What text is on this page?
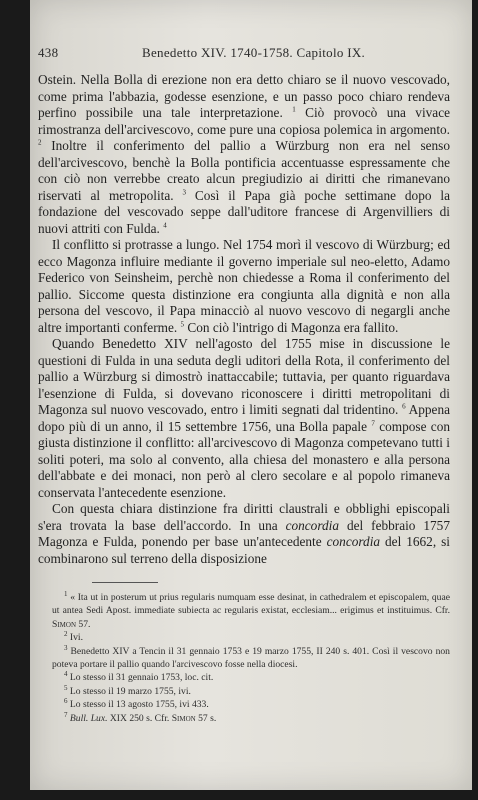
438	Benedetto XIV. 1740-1758. Capitolo IX.

Ostein. Nella Bolla di erezione non era detto chiaro se il nuovo vescovado, come prima l'abbazia, godesse esenzione, e un passo poco chiaro rendeva perfino possibile una tale interpretazione. $^1$ Ciò provocò una vivace rimostranza dell'arcivescovo, come pure una copiosa polemica in argomento. $^2$ Inoltre il conferimento del pallio a Würzburg non era nel senso dell'arcivescovo, benchè la Bolla pontificia accentuasse espressamente che con ciò non verrebbe creato alcun pregiudizio ai diritti che rimanevano riservati al metropolita. $^3$ Così il Papa già poche settimane dopo la fondazione del vescovado seppe dall'uditore francese di Argenvilliers di nuovi attriti con Fulda. $^4$

Il conflitto si protrasse a lungo. Nel 1754 morì il vescovo di Würzburg; ed ecco Magonza influire mediante il governo imperiale sul neo-eletto, Adamo Federico von Seinsheim, perchè non chiedesse a Roma il conferimento del pallio. Siccome questa distinzione era congiunta alla dignità e non alla persona del vescovo, il Papa minacciò al nuovo vescovo di negargli anche altre importanti conferme. $^5$ Con ciò l'intrigo di Magonza era fallito.

Quando Benedetto XIV nell'agosto del 1755 mise in discussione le questioni di Fulda in una seduta degli uditori della Rota, il conferimento del pallio a Würzburg si dimostrò inattaccabile; tuttavia, per quanto riguardava l'esenzione di Fulda, si dovevano riconoscere i diritti metropolitani di Magonza sul nuovo vescovado, entro i limiti segnati dal tridentino. $^6$ Appena dopo più di un anno, il 15 settembre 1756, una Bolla papale $^7$ compose con giusta distinzione il conflitto: all'arcivescovo di Magonza competevano tutti i soliti poteri, ma solo al convento, alla chiesa del monastero e alla persona dell'abbate e dei monaci, non però al clero secolare e al popolo rimaneva conservata l'antecedente esenzione.

Con questa chiara distinzione fra diritti claustrali e obblighi episcopali s'era trovata la base dell'accordo. In una concordia del febbraio 1757 Magonza e Fulda, ponendo per base un'antecedente concordia del 1662, si combinarono sul terreno della disposizione

$^1$ « Ita ut in posterum ut prius regularis numquam esse desinat, in cathedralem et episcopalem, quae ut antea Sedi Apost. immediate subiecta ac regularis existat, ecclesiam... erigimus et instituimus. Cfr. Simon 57.

$^2$ Ivi.

$^3$ Benedetto XIV a Tencin il 31 gennaio 1753 e 19 marzo 1755, II 240 s. 401. Così il vescovo non poteva portare il pallio quando l'arcivescovo fosse nella diocesi.

$^4$ Lo stesso il 31 gennaio 1753, loc. cit.

$^5$ Lo stesso il 19 marzo 1755, ivi.

$^6$ Lo stesso il 13 agosto 1755, ivi 433.

$^7$ Bull. Lux. XIX 250 s. Cfr. Simon 57 s.
